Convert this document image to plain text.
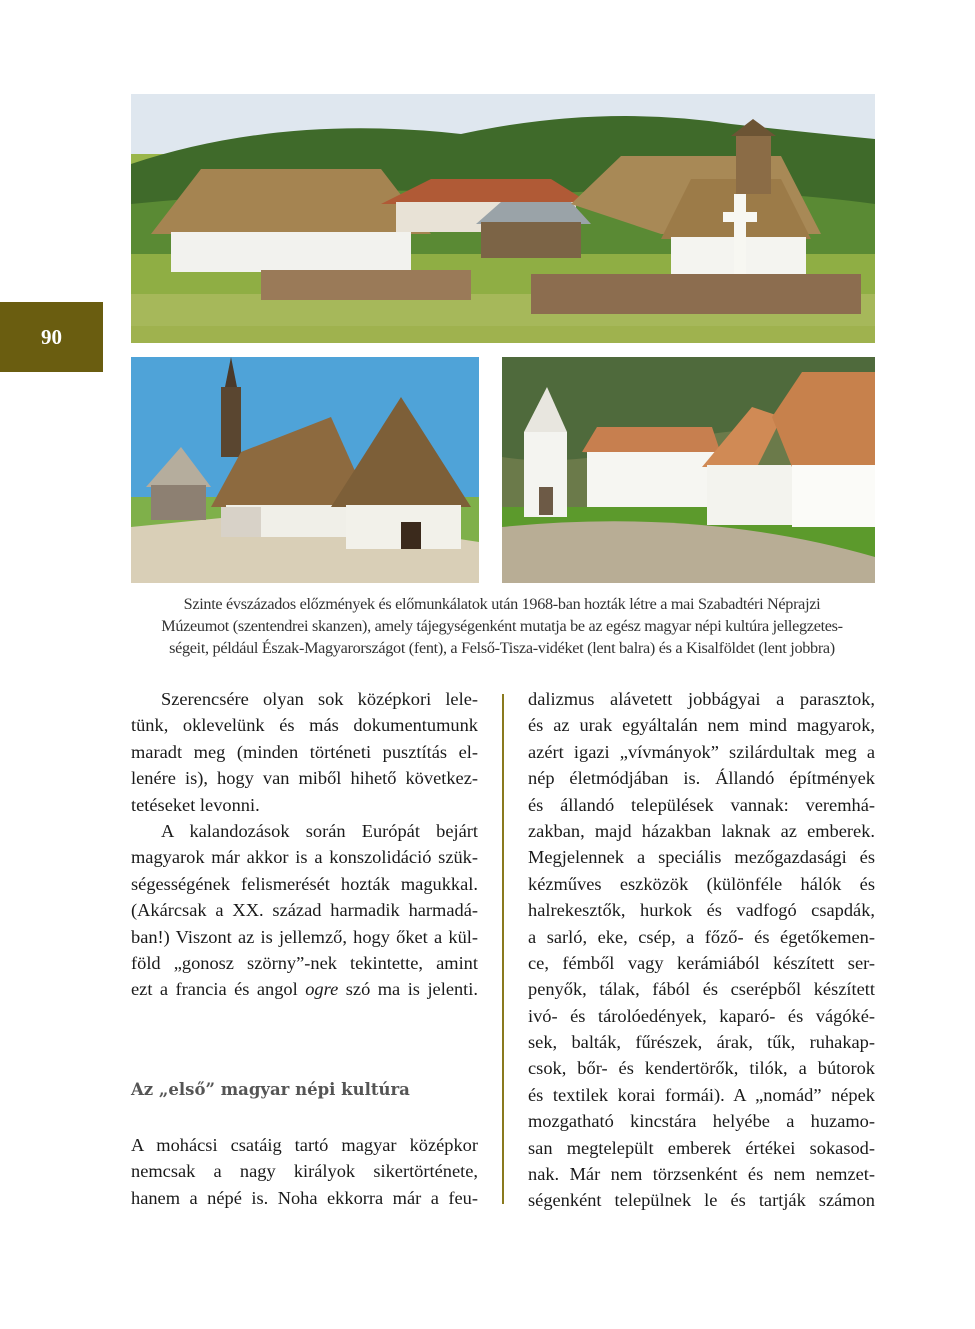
90
Szinte évszázados előzmények és előmunkálatok után 1968-ban hozták létre a mai Szabadtéri Néprajzi
Múzeumot (szentendrei skanzen), amely tájegységenként mutatja be az egész magyar népi kultúra jellegzetes-
ségeit, például Észak-Magyarországot (fent), a Felső-Tisza-vidéket (lent balra) és a Kisalföldet (lent jobbra)
Szerencsére olyan sok középkori lele-
tünk, oklevelünk és más dokumentumunk
maradt meg (minden történeti pusztítás el-
lenére is), hogy van miből hihető következ-
tetéseket levonni.
A kalandozások során Európát bejárt
magyarok már akkor is a konszolidáció szük-
ségességének felismerését hozták magukkal.
(Akárcsak a XX. század harmadik harmadá-
ban!) Viszont az is jellemző, hogy őket a kül-
föld „gonosz szörny”-nek tekintette, amint
ezt a francia és angol ogre szó ma is jelenti.
Az „első” magyar népi kultúra
A mohácsi csatáig tartó magyar középkor
nemcsak a nagy királyok sikertörténete,
hanem a népé is. Noha ekkorra már a feu-
dalizmus alávetett jobbágyai a parasztok,
és az urak egyáltalán nem mind magyarok,
azért igazi „vívmányok” szilárdultak meg a
nép életmódjában is. Állandó építmények
és állandó települések vannak: veremhá-
zakban, majd házakban laknak az emberek.
Megjelennek a speciális mezőgazdasági és
kézműves eszközök (különféle hálók és
halrekesztők, hurkok és vadfogó csapdák,
a sarló, eke, csép, a főző- és égetőkemen-
ce, fémből vagy kerámiából készített ser-
penyők, tálak, fából és cserépből készített
ivó- és tárolóedények, kaparó- és vágóké-
sek, balták, fűrészek, árak, tűk, ruhakap-
csok, bőr- és kendertörők, tilók, a bútorok
és textilek korai formái). A „nomád” népek
mozgatható kincstára helyébe a huzamo-
san megtelepült emberek értékei sokasod-
nak. Már nem törzsenként és nem nemzet-
ségenként települnek le és tartják számon
